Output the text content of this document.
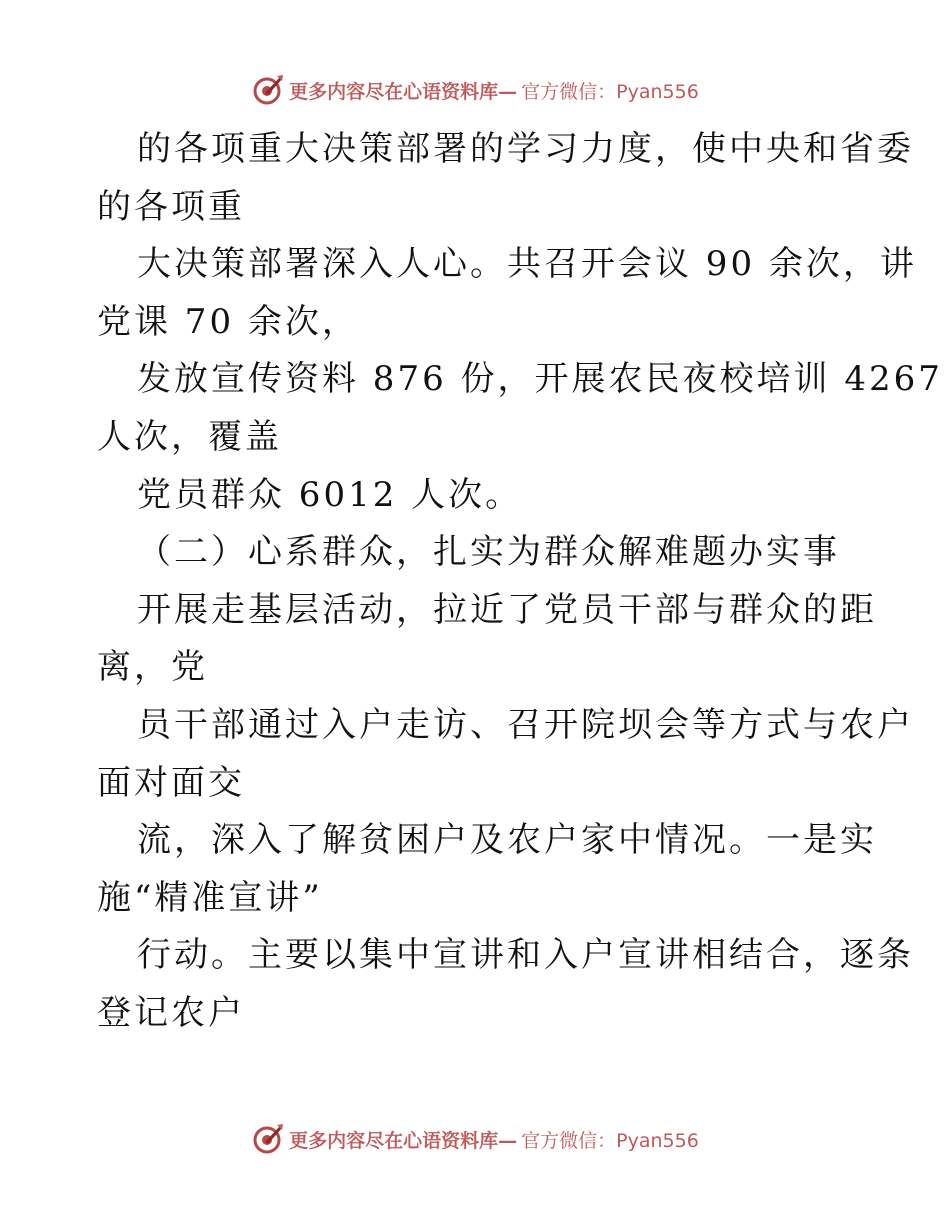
更多内容尽在心语资料库— 官方微信：Pyan556
的各项重大决策部署的学习力度，使中央和省委
的各项重
大决策部署深入人心。共召开会议 90 余次，讲
党课 70 余次，
发放宣传资料 876 份，开展农民夜校培训 4267
人次，覆盖
党员群众 6012 人次。
（二）心系群众，扎实为群众解难题办实事
开展走基层活动，拉近了党员干部与群众的距
离，党
员干部通过入户走访、召开院坝会等方式与农户
面对面交
流，深入了解贫困户及农户家中情况。一是实
施“精准宣讲”
行动。主要以集中宣讲和入户宣讲相结合，逐条
登记农户
更多内容尽在心语资料库— 官方微信：Pyan556
